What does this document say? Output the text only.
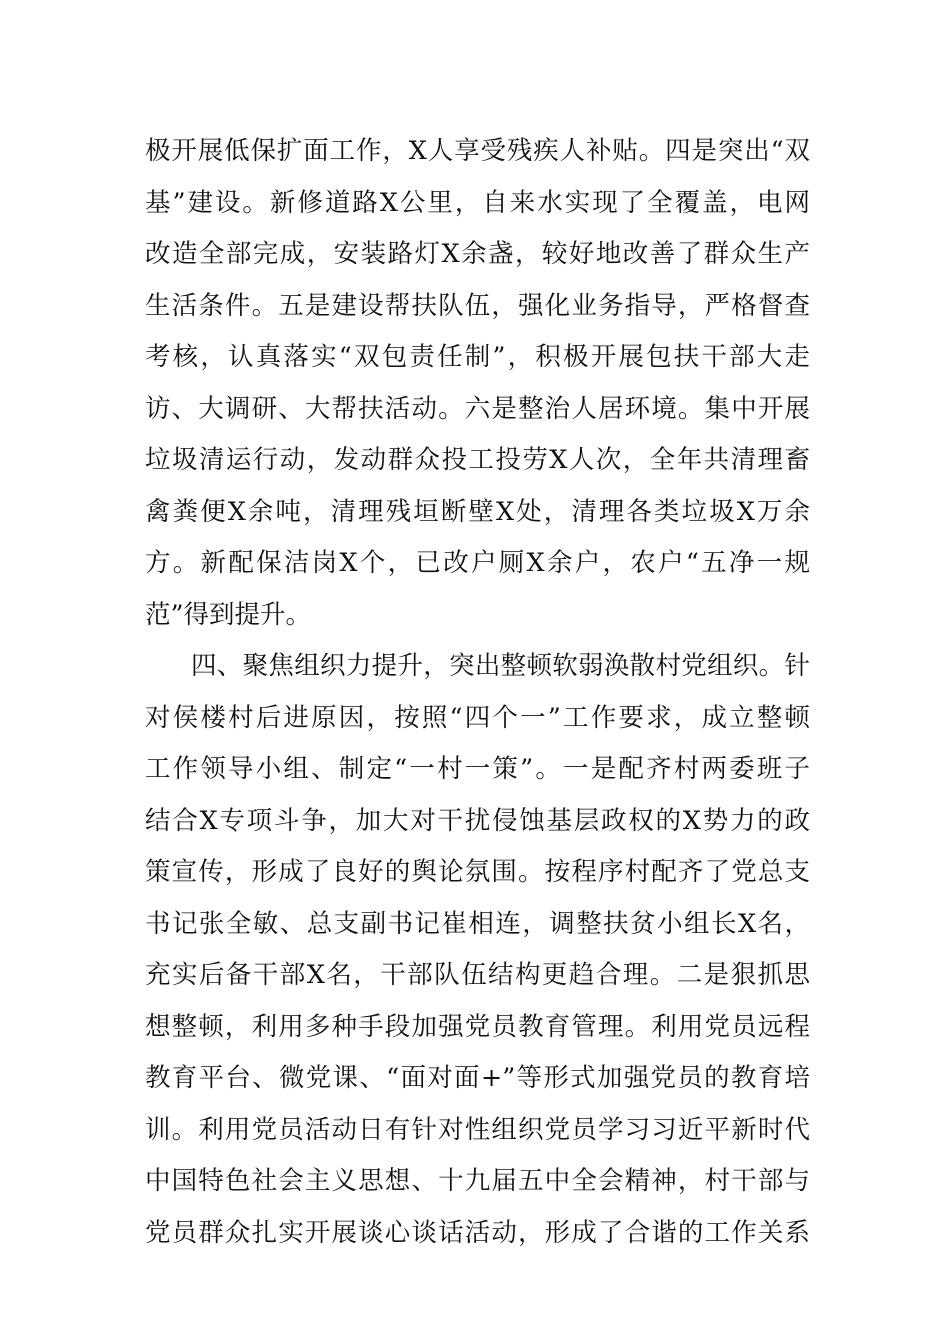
极开展低保扩面工作，X人享受残疾人补贴。四是突出“双
基”建设。新修道路X公里，自来水实现了全覆盖，电网
改造全部完成，安装路灯X余盏，较好地改善了群众生产
生活条件。五是建设帮扶队伍，强化业务指导，严格督查
考核，认真落实“双包责任制”，积极开展包扶干部大走
访、大调研、大帮扶活动。六是整治人居环境。集中开展
垃圾清运行动，发动群众投工投劳X人次，全年共清理畜
禽粪便X余吨，清理残垣断壁X处，清理各类垃圾X万余
方。新配保洁岗X个，已改户厕X余户，农户“五净一规
范”得到提升。
四、聚焦组织力提升，突出整顿软弱涣散村党组织。针
对侯楼村后进原因，按照“四个一”工作要求，成立整顿
工作领导小组、制定“一村一策”。一是配齐村两委班子
结合X专项斗争，加大对干扰侵蚀基层政权的X势力的政
策宣传，形成了良好的舆论氛围。按程序村配齐了党总支
书记张全敏、总支副书记崔相连，调整扶贫小组长X名，
充实后备干部X名，干部队伍结构更趋合理。二是狠抓思
想整顿，利用多种手段加强党员教育管理。利用党员远程
教育平台、微党课、“面对面+”等形式加强党员的教育培
训。利用党员活动日有针对性组织党员学习习近平新时代
中国特色社会主义思想、十九届五中全会精神，村干部与
党员群众扎实开展谈心谈话活动，形成了合谐的工作关系
